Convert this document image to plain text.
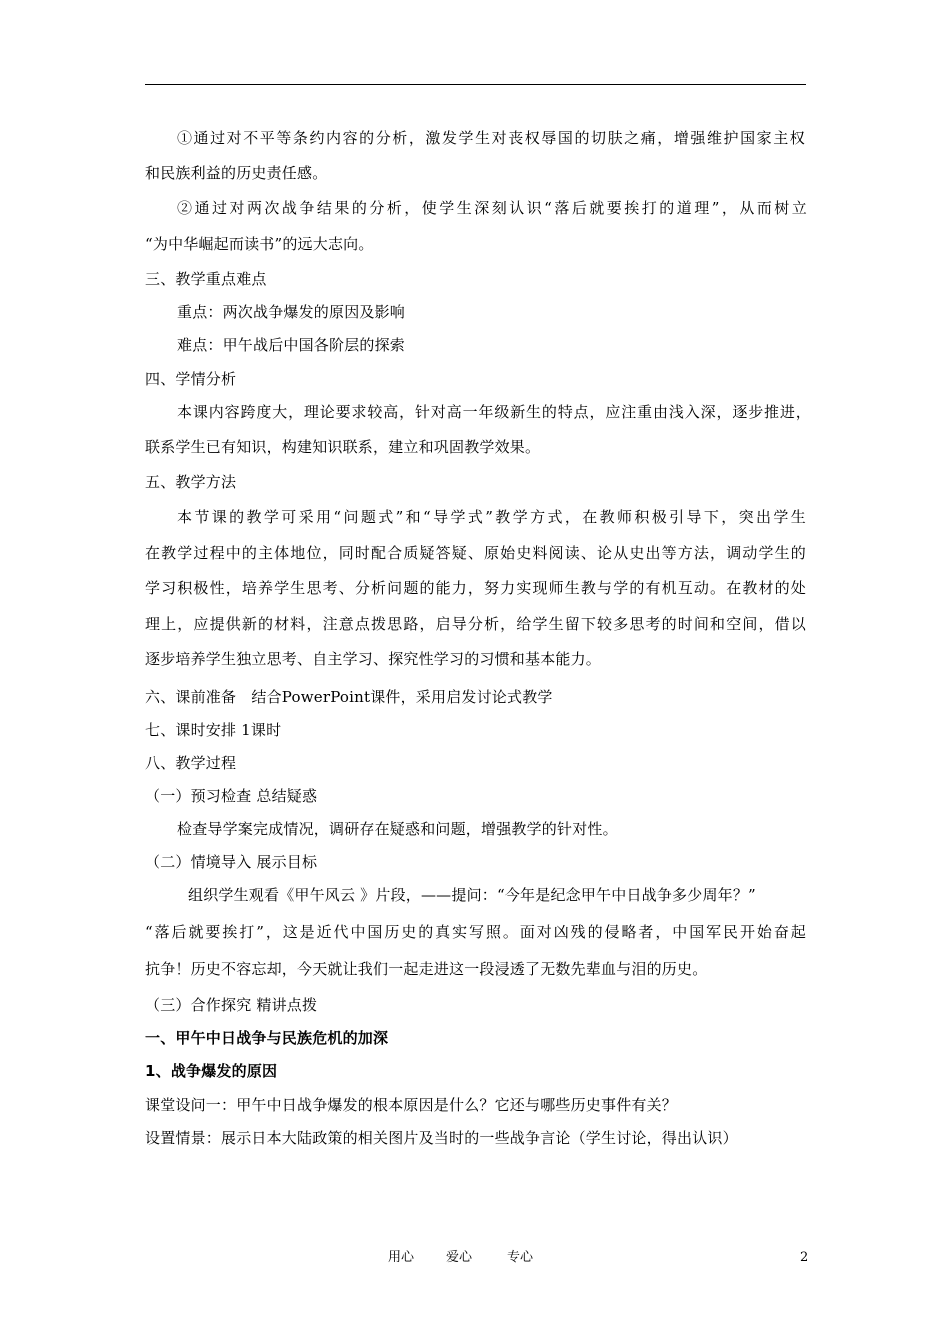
①通过对不平等条约内容的分析，激发学生对丧权辱国的切肤之痛，增强维护国家主权
和民族利益的历史责任感。
②通过对两次战争结果的分析，使学生深刻认识“落后就要挨打的道理”，从而树立
“为中华崛起而读书”的远大志向。
三、教学重点难点
重点：两次战争爆发的原因及影响
难点：甲午战后中国各阶层的探索
四、学情分析
本课内容跨度大，理论要求较高，针对高一年级新生的特点，应注重由浅入深，逐步推进，
联系学生已有知识，构建知识联系，建立和巩固教学效果。
五、教学方法
本节课的教学可采用“问题式”和“导学式”教学方式，在教师积极引导下，突出学生
在教学过程中的主体地位，同时配合质疑答疑、原始史料阅读、论从史出等方法，调动学生的
学习积极性，培养学生思考、分析问题的能力，努力实现师生教与学的有机互动。在教材的处
理上，应提供新的材料，注意点拨思路，启导分析，给学生留下较多思考的时间和空间，借以
逐步培养学生独立思考、自主学习、探究性学习的习惯和基本能力。
六、课前准备　结合PowerPoint课件，采用启发讨论式教学
七、课时安排 1课时
八、教学过程
（一）预习检查 总结疑惑
检查导学案完成情况，调研存在疑惑和问题，增强教学的针对性。
（二）情境导入 展示目标
组织学生观看《甲午风云 》片段，——提问：“今年是纪念甲午中日战争多少周年？”
“落后就要挨打”，这是近代中国历史的真实写照。面对凶残的侵略者，中国军民开始奋起
抗争！历史不容忘却，今天就让我们一起走进这一段浸透了无数先辈血与泪的历史。
（三）合作探究 精讲点拨
一、甲午中日战争与民族危机的加深
1、战争爆发的原因
课堂设问一：甲午中日战争爆发的根本原因是什么？它还与哪些历史事件有关？
设置情景：展示日本大陆政策的相关图片及当时的一些战争言论（学生讨论，得出认识）
用心 爱心	专心	2
